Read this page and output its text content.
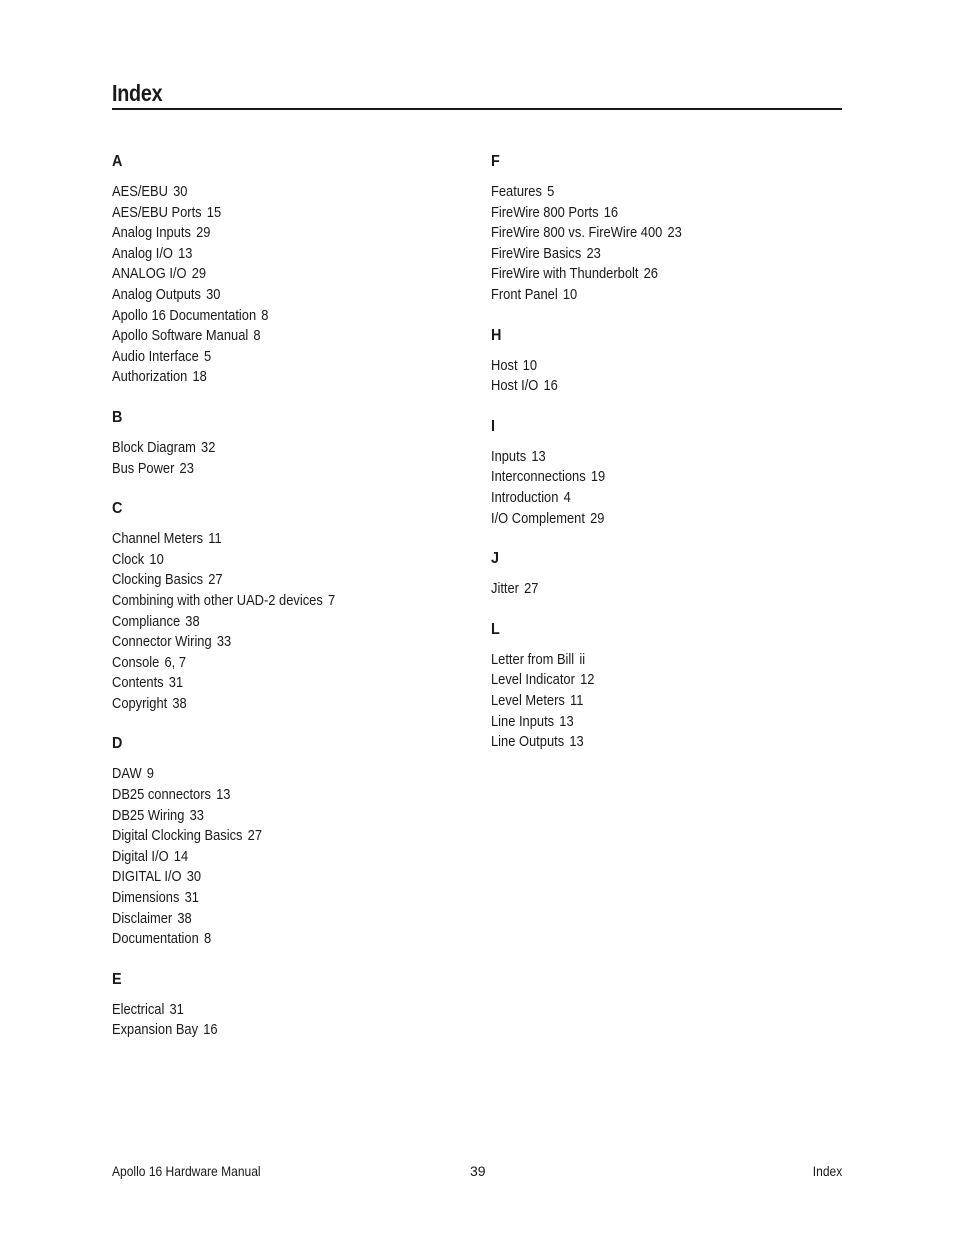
Index
A
AES/EBU 30
AES/EBU Ports 15
Analog Inputs 29
Analog I/O 13
ANALOG I/O 29
Analog Outputs 30
Apollo 16 Documentation 8
Apollo Software Manual 8
Audio Interface 5
Authorization 18
B
Block Diagram 32
Bus Power 23
C
Channel Meters 11
Clock 10
Clocking Basics 27
Combining with other UAD-2 devices 7
Compliance 38
Connector Wiring 33
Console 6, 7
Contents 31
Copyright 38
D
DAW 9
DB25 connectors 13
DB25 Wiring 33
Digital Clocking Basics 27
Digital I/O 14
DIGITAL I/O 30
Dimensions 31
Disclaimer 38
Documentation 8
E
Electrical 31
Expansion Bay 16
F
Features 5
FireWire 800 Ports 16
FireWire 800 vs. FireWire 400 23
FireWire Basics 23
FireWire with Thunderbolt 26
Front Panel 10
H
Host 10
Host I/O 16
I
Inputs 13
Interconnections 19
Introduction 4
I/O Complement 29
J
Jitter 27
L
Letter from Bill ii
Level Indicator 12
Level Meters 11
Line Inputs 13
Line Outputs 13
Apollo 16 Hardware Manual	39	Index
